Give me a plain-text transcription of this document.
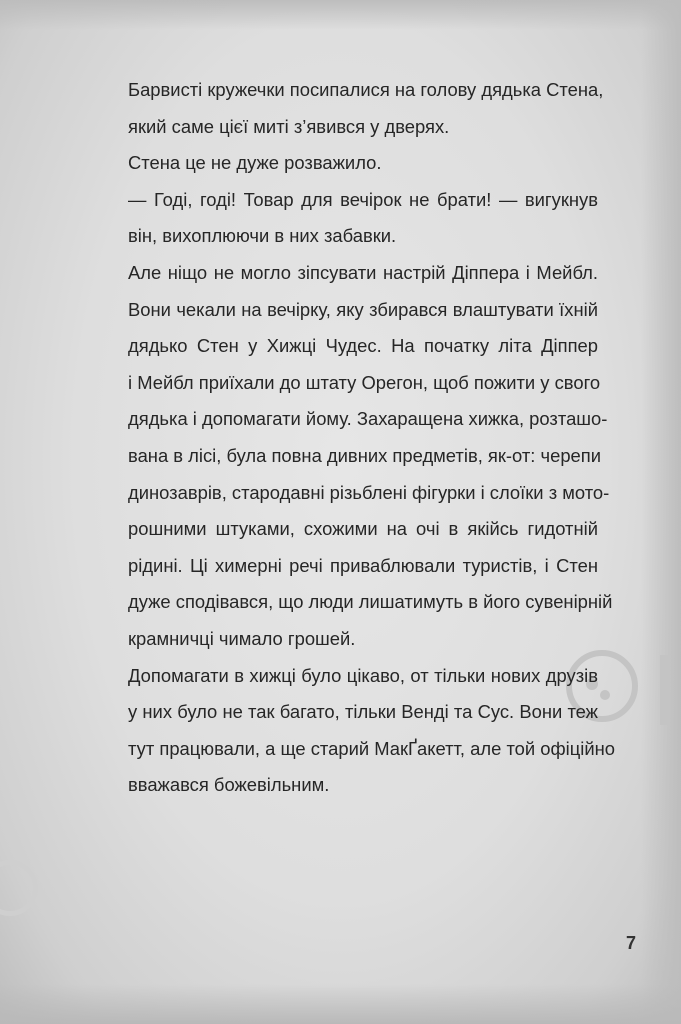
Барвисті кружечки посипалися на голову дядька Стена,
який саме цієї миті з’явився у дверях.
Стена це не дуже розважило.
— Годі, годі! Товар для вечірок не брати! — вигукнув
він, вихоплюючи в них забавки.
Але ніщо не могло зіпсувати настрій Діппера і Мейбл.
Вони чекали на вечірку, яку збирався влаштувати їхній
дядько Стен у Хижці Чудес. На початку літа Діппер
і Мейбл приїхали до штату Орегон, щоб пожити у свого
дядька і допомагати йому. Захаращена хижка, розташо-
вана в лісі, була повна дивних предметів, як-от: черепи
динозаврів, стародавні різьблені фігурки і слоїки з мото-
рошними штуками, схожими на очі в якійсь гидотній
рідині. Ці химерні речі приваблювали туристів, і Стен
дуже сподівався, що люди лишатимуть в його сувенірній
крамничці чимало грошей.
Допомагати в хижці було цікаво, от тільки нових друзів
у них було не так багато, тільки Венді та Сус. Вони теж
тут працювали, а ще старий МакҐакетт, але той офіційно
вважався божевільним.
7
